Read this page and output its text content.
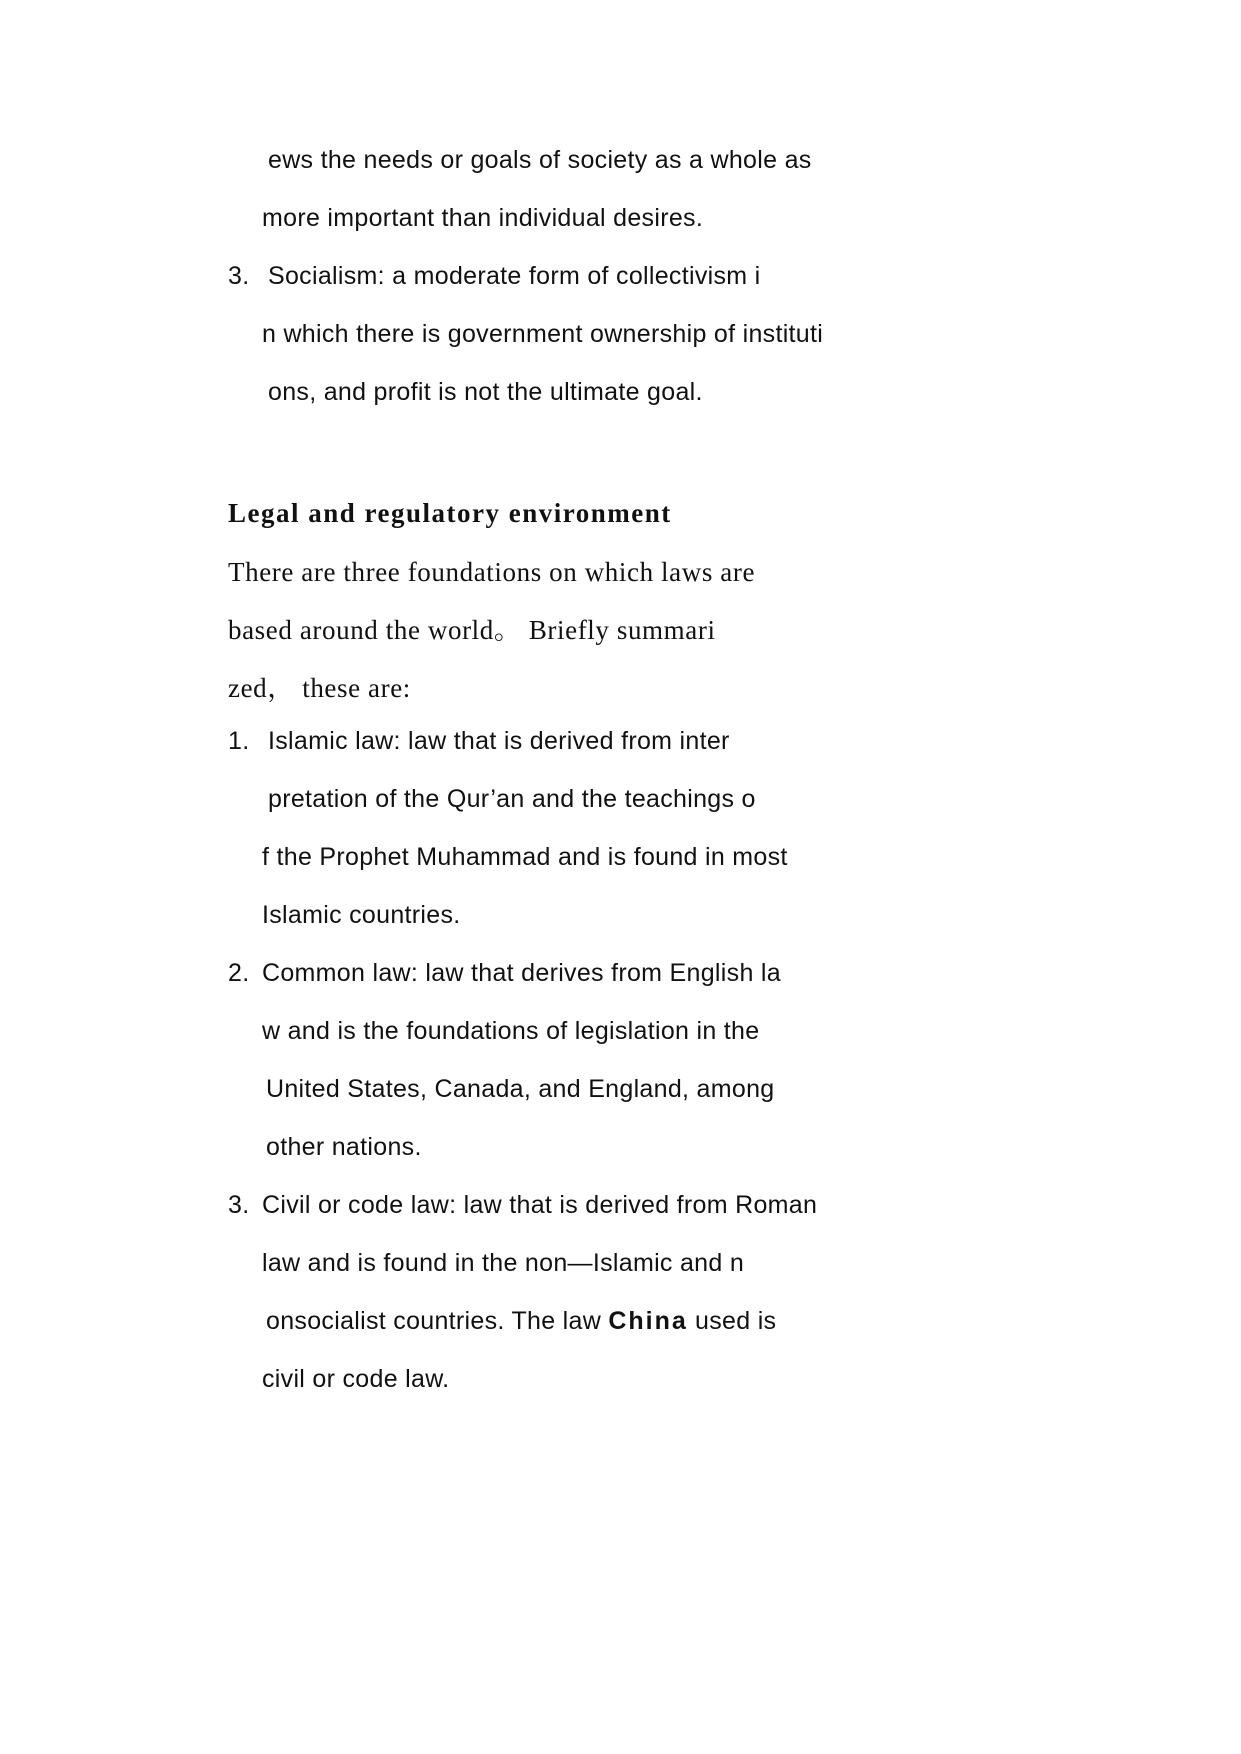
ews the needs or goals of society as a whole as
more important than individual desires.
3. Socialism: a moderate form of collectivism i
n which there is government ownership of instituti
ons, and profit is not the ultimate goal.
Legal and regulatory environment
There are three foundations on which laws are
based around the world。 Briefly summari
zed， these are:
1. Islamic law: law that is derived from inter
pretation of the Qur’an and the teachings o
f the Prophet Muhammad and is found in most
Islamic countries.
2. Common law: law that derives from English la
w and is the foundations of legislation in the
United States, Canada, and England, among
other nations.
3. Civil or code law: law that is derived from Roman
law and is found in the non—Islamic and n
onsocialist countries. The law China used is
civil or code law.
